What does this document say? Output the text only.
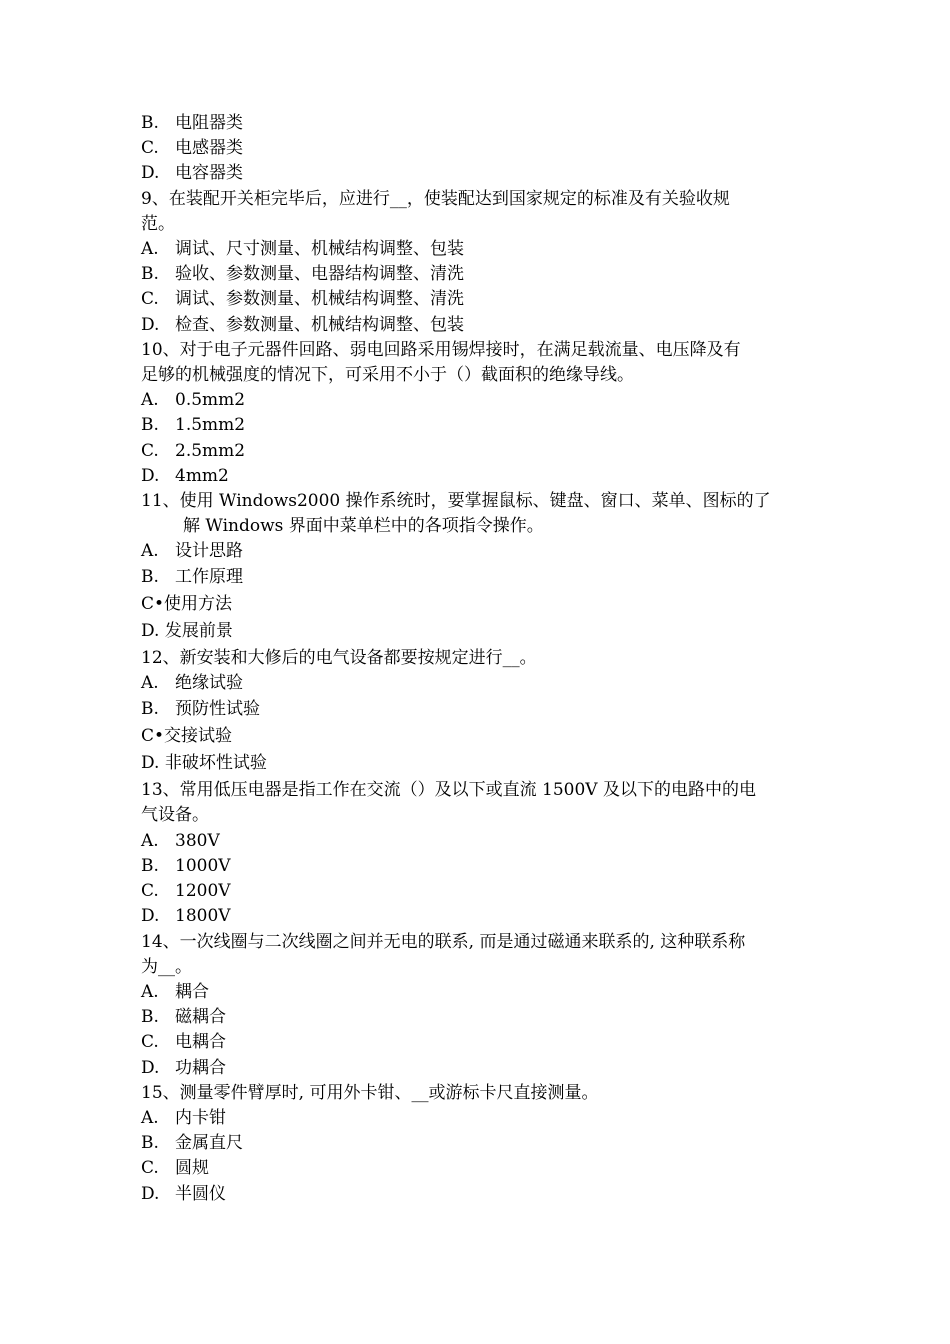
B. 电阻器类
C. 电感器类
D. 电容器类
9、在装配开关柜完毕后，应进行__，使装配达到国家规定的标准及有关验收规
范。
A. 调试、尺寸测量、机械结构调整、包装
B. 验收、参数测量、电器结构调整、清洗
C. 调试、参数测量、机械结构调整、清洗
D. 检查、参数测量、机械结构调整、包装
10、对于电子元器件回路、弱电回路采用锡焊接时，在满足载流量、电压降及有
足够的机械强度的情况下，可采用不小于（）截面积的绝缘导线。
A. 0.5mm2
B. 1.5mm2
C. 2.5mm2
D. 4mm2
11、使用 Windows2000 操作系统时，要掌握鼠标、键盘、窗口、菜单、图标的了
解 Windows 界面中菜单栏中的各项指令操作。
A. 设计思路
B. 工作原理
C•使用方法
D. 发展前景
12、新安装和大修后的电气设备都要按规定进行__。
A. 绝缘试验
B. 预防性试验
C•交接试验
D. 非破坏性试验
13、常用低压电器是指工作在交流（）及以下或直流 1500V 及以下的电路中的电
气设备。
A. 380V
B. 1000V
C. 1200V
D. 1800V
14、一次线圈与二次线圈之间并无电的联系, 而是通过磁通来联系的, 这种联系称
为__。
A. 耦合
B. 磁耦合
C. 电耦合
D. 功耦合
15、测量零件臂厚时, 可用外卡钳、__或游标卡尺直接测量。
A. 内卡钳
B. 金属直尺
C. 圆规
D. 半圆仪
